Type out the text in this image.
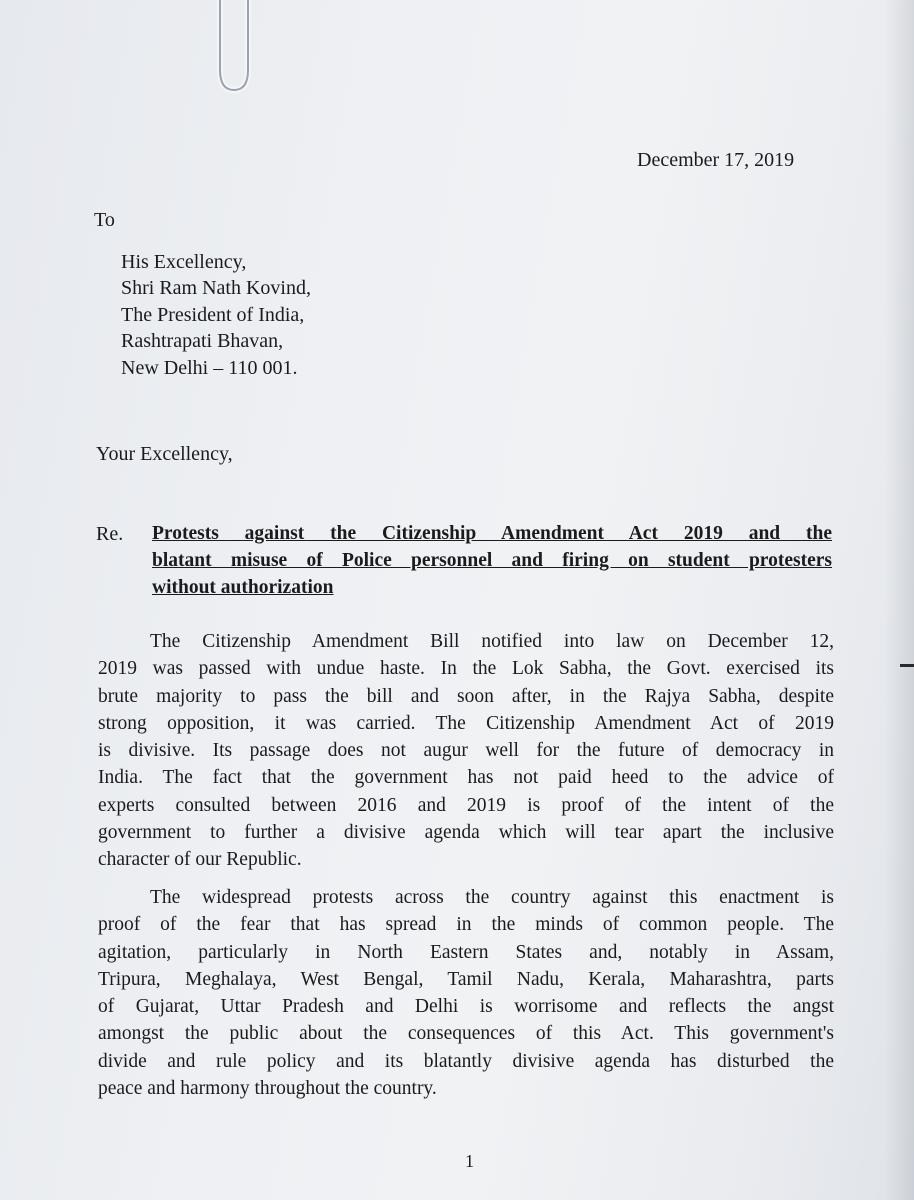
December 17, 2019
To
His Excellency,
Shri Ram Nath Kovind,
The President of India,
Rashtrapati Bhavan,
New Delhi – 110 001.
Your Excellency,
Re. Protests against the Citizenship Amendment Act 2019 and the
blatant misuse of Police personnel and firing on student protesters
without authorization
The Citizenship Amendment Bill notified into law on December 12,
2019 was passed with undue haste. In the Lok Sabha, the Govt. exercised its
brute majority to pass the bill and soon after, in the Rajya Sabha, despite
strong opposition, it was carried. The Citizenship Amendment Act of 2019
is divisive. Its passage does not augur well for the future of democracy in
India. The fact that the government has not paid heed to the advice of
experts consulted between 2016 and 2019 is proof of the intent of the
government to further a divisive agenda which will tear apart the inclusive
character of our Republic.
The widespread protests across the country against this enactment is
proof of the fear that has spread in the minds of common people. The
agitation, particularly in North Eastern States and, notably in Assam,
Tripura, Meghalaya, West Bengal, Tamil Nadu, Kerala, Maharashtra, parts
of Gujarat, Uttar Pradesh and Delhi is worrisome and reflects the angst
amongst the public about the consequences of this Act. This government's
divide and rule policy and its blatantly divisive agenda has disturbed the
peace and harmony throughout the country.
1
